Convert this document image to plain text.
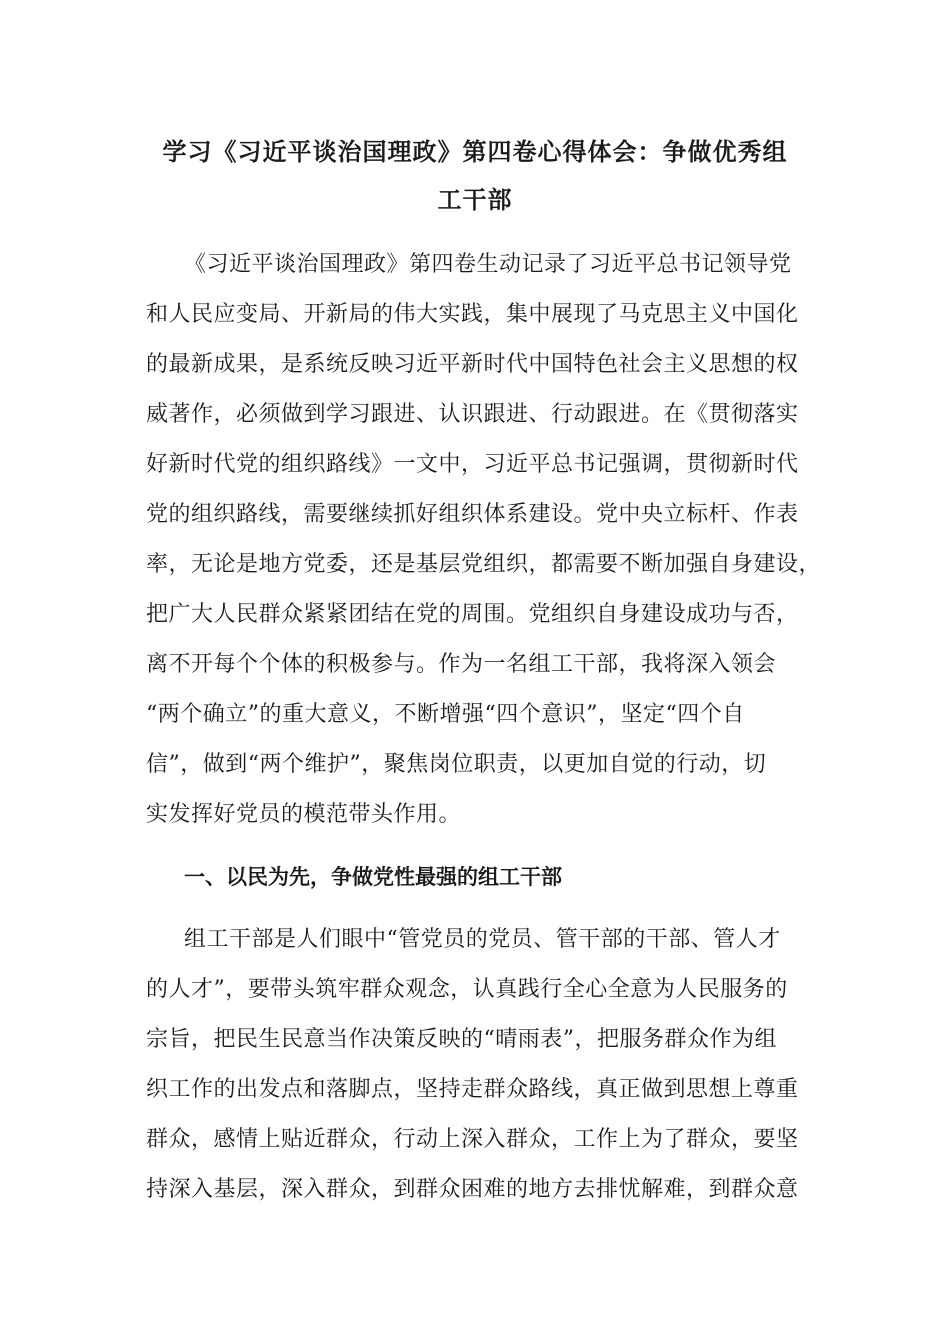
学习《习近平谈治国理政》第四卷心得体会：争做优秀组
工干部

《习近平谈治国理政》第四卷生动记录了习近平总书记领导党

和人民应变局、开新局的伟大实践，集中展现了马克思主义中国化

的最新成果，是系统反映习近平新时代中国特色社会主义思想的权

威著作，必须做到学习跟进、认识跟进、行动跟进。在《贯彻落实

好新时代党的组织路线》一文中，习近平总书记强调，贯彻新时代

党的组织路线，需要继续抓好组织体系建设。党中央立标杆、作表

率，无论是地方党委，还是基层党组织，都需要不断加强自身建设，

把广大人民群众紧紧团结在党的周围。党组织自身建设成功与否，

离不开每个个体的积极参与。作为一名组工干部，我将深入领会

“两个确立”的重大意义，不断增强“四个意识”，坚定“四个自

信”，做到“两个维护”，聚焦岗位职责，以更加自觉的行动，切

实发挥好党员的模范带头作用。

一、以民为先，争做党性最强的组工干部

组工干部是人们眼中“管党员的党员、管干部的干部、管人才

的人才”，要带头筑牢群众观念，认真践行全心全意为人民服务的

宗旨，把民生民意当作决策反映的“晴雨表”，把服务群众作为组

织工作的出发点和落脚点，坚持走群众路线，真正做到思想上尊重

群众，感情上贴近群众，行动上深入群众，工作上为了群众，要坚

持深入基层，深入群众，到群众困难的地方去排忧解难，到群众意
